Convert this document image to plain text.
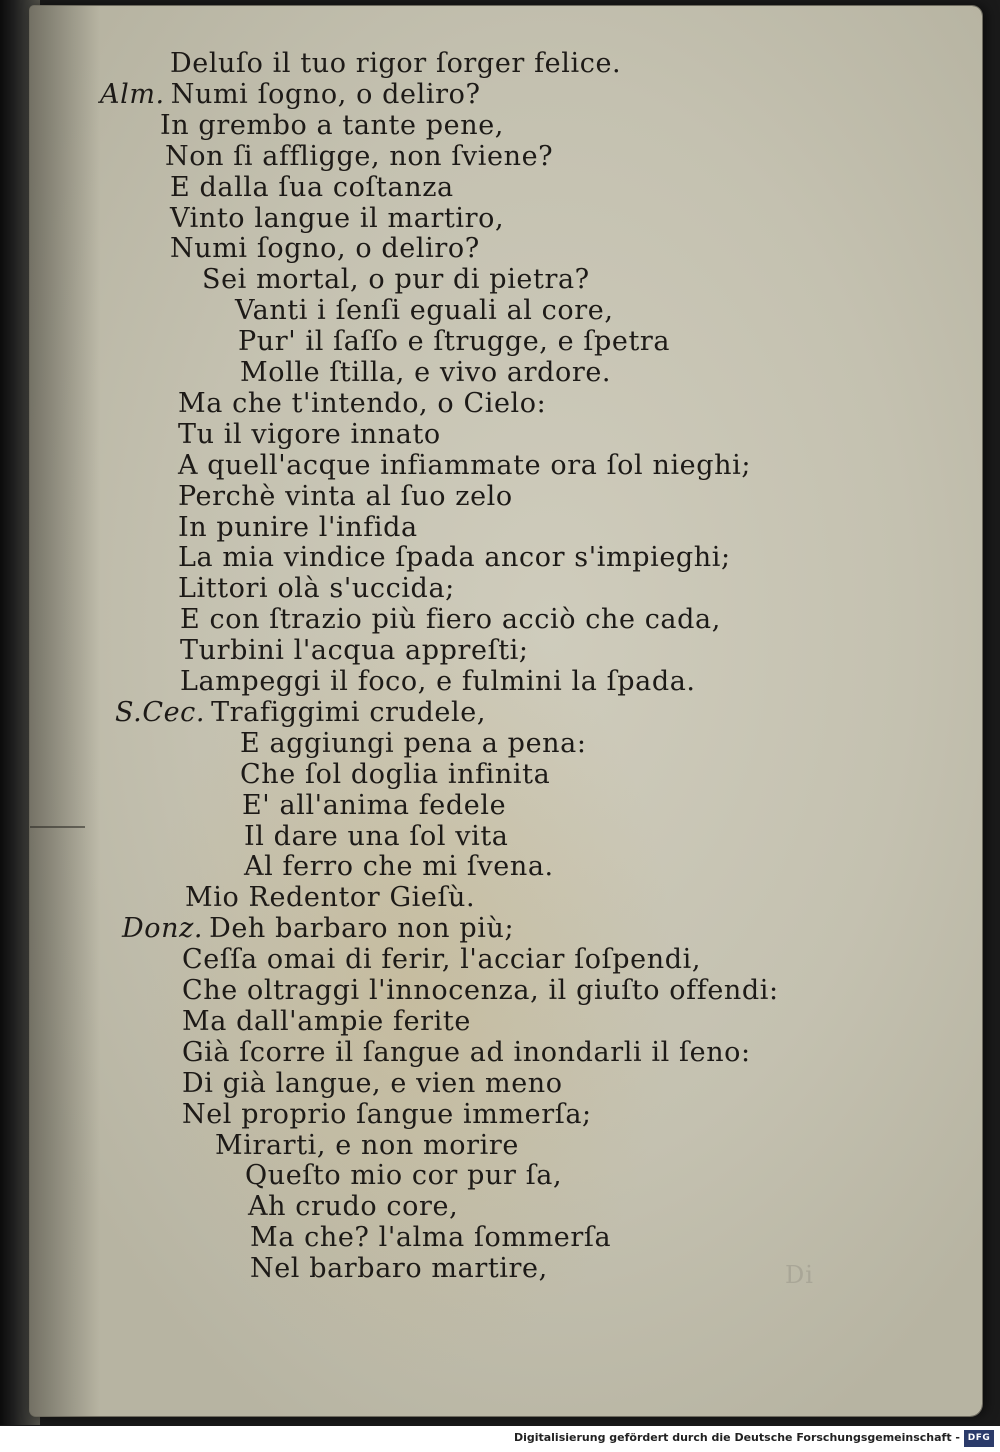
Deluſo il tuo rigor ſorger felice.
Alm. Numi ſogno, o deliro?
In grembo a tante pene,
Non ſi affligge, non ſviene?
E dalla ſua coſtanza
Vinto langue il martiro,
Numi ſogno, o deliro?
Sei mortal, o pur di pietra?
Vanti i ſenſi eguali al core,
Pur' il ſaſſo e ſtrugge, e ſpetra
Molle ſtilla, e vivo ardore.
Ma che t'intendo, o Cielo:
Tu il vigore innato
A quell'acque infiammate ora ſol nieghi;
Perchè vinta al ſuo zelo
In punire l'infida
La mia vindice ſpada ancor s'impieghi;
Littori olà s'uccida;
E con ſtrazio più fiero acciò che cada,
Turbini l'acqua appreſti;
Lampeggi il foco, e fulmini la ſpada.
S.Cec. Trafiggimi crudele,
E aggiungi pena a pena:
Che ſol doglia infinita
E' all'anima fedele
Il dare una ſol vita
Al ferro che mi ſvena.
Mio Redentor Gieſù.
Donz. Deh barbaro non più;
Ceſſa omai di ferir, l'acciar ſoſpendi,
Che oltraggi l'innocenza, il giuſto offendi:
Ma dall'ampie ferite
Già ſcorre il ſangue ad inondarli il ſeno:
Di già langue, e vien meno
Nel proprio ſangue immerſa;
Mirarti, e non morire
Queſto mio cor pur ſa,
Ah crudo core,
Ma che? l'alma ſommerſa
Nel barbaro martire,	Di
Digitalisierung gefördert durch die Deutsche Forschungsgemeinschaft - DFG
